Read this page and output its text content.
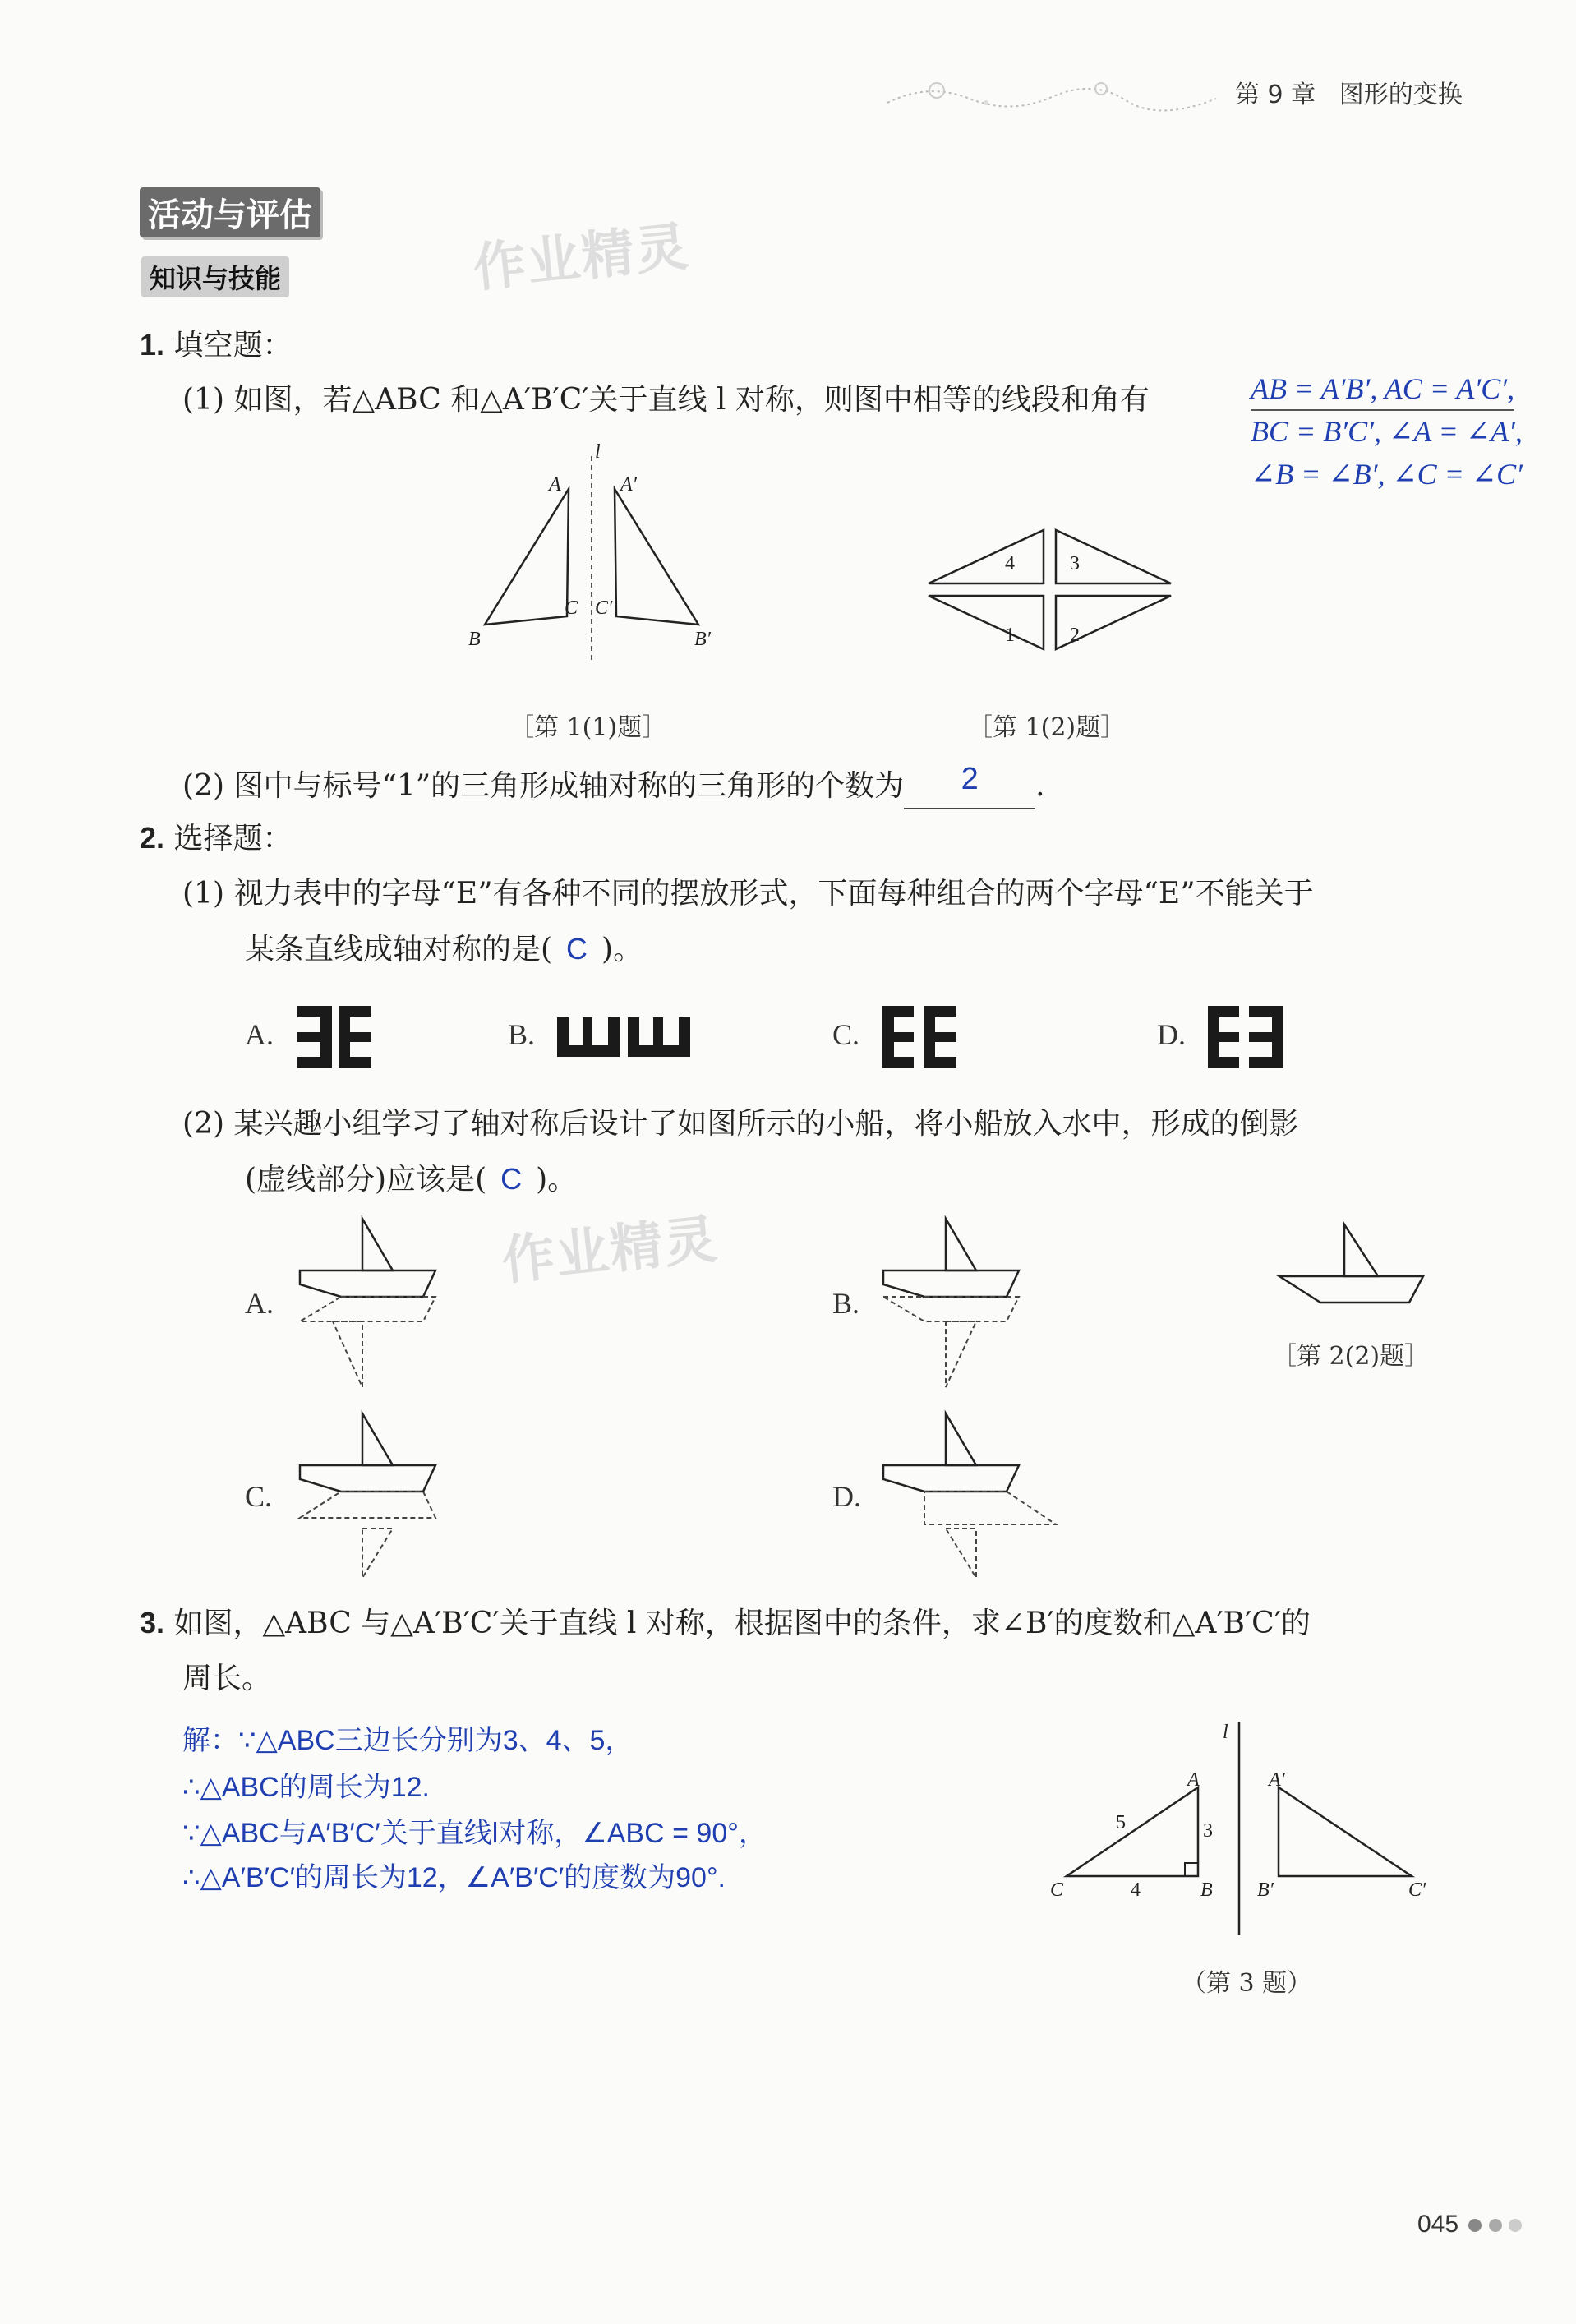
第 9 章 图形的变换
活动与评估
知识与技能	作业精灵
作业精灵
1. 填空题：
(1) 如图，若△ABC 和△A′B′C′关于直线 l 对称，则图中相等的线段和角有	AB = A′B′, AC = A′C′,
BC = B′C′, ∠A = ∠A′,
∠B = ∠B′, ∠C = ∠C′
l
A	A′
B	B′
C C′
［第 1(1)题］
4	3
1	2
［第 1(2)题］
(2) 图中与标号“1”的三角形成轴对称的三角形的个数为 2 .
2. 选择题：
(1) 视力表中的字母“E”有各种不同的摆放形式，下面每种组合的两个字母“E”不能关于
某条直线成轴对称的是( C )。
A.	B.	C.	D.
(2) 某兴趣小组学习了轴对称后设计了如图所示的小船，将小船放入水中，形成的倒影
(虚线部分)应该是( C )。
A.	B.
［第 2(2)题］
C.	D.
3. 如图，△ABC 与△A′B′C′关于直线 l 对称，根据图中的条件，求∠B′的度数和△A′B′C′的
周长。
解：∵△ABC三边长分别为3、4、5，
∴△ABC的周长为12.
∵△ABC与A′B′C′关于直线l对称，∠ABC = 90°，
∴△A′B′C′的周长为12，∠A′B′C′的度数为90°.
l
A
B
C
A′
B′	C′
5	3
4
（第 3 题）
045
